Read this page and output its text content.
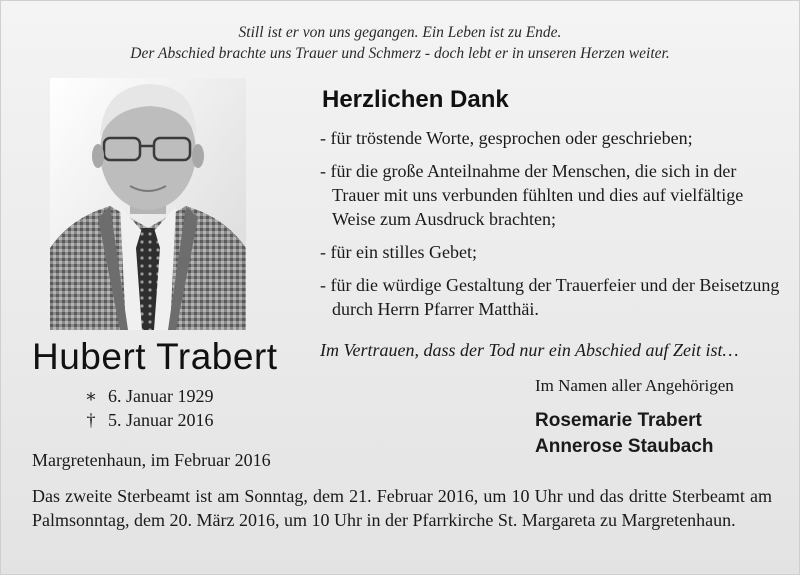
Still ist er von uns gegangen. Ein Leben ist zu Ende.
Der Abschied brachte uns Trauer und Schmerz - doch lebt er in unseren Herzen weiter.
Hubert Trabert
∗ 6. Januar 1929
† 5. Januar 2016
Margretenhaun, im Februar 2016
Herzlichen Dank
- für tröstende Worte, gesprochen oder geschrieben;
- für die große Anteilnahme der Menschen, die sich in der Trauer mit uns verbunden fühlten und dies auf vielfältige Weise zum Ausdruck brachten;
- für ein stilles Gebet;
- für die würdige Gestaltung der Trauerfeier und der Beisetzung durch Herrn Pfarrer Matthäi.
Im Vertrauen, dass der Tod nur ein Abschied auf Zeit ist…
Im Namen aller Angehörigen
Rosemarie Trabert
Annerose Staubach
Das zweite Sterbeamt ist am Sonntag, dem 21. Februar 2016, um 10 Uhr und das dritte Sterbeamt am Palmsonntag, dem 20. März 2016, um 10 Uhr in der Pfarrkirche St. Margareta zu Margretenhaun.
